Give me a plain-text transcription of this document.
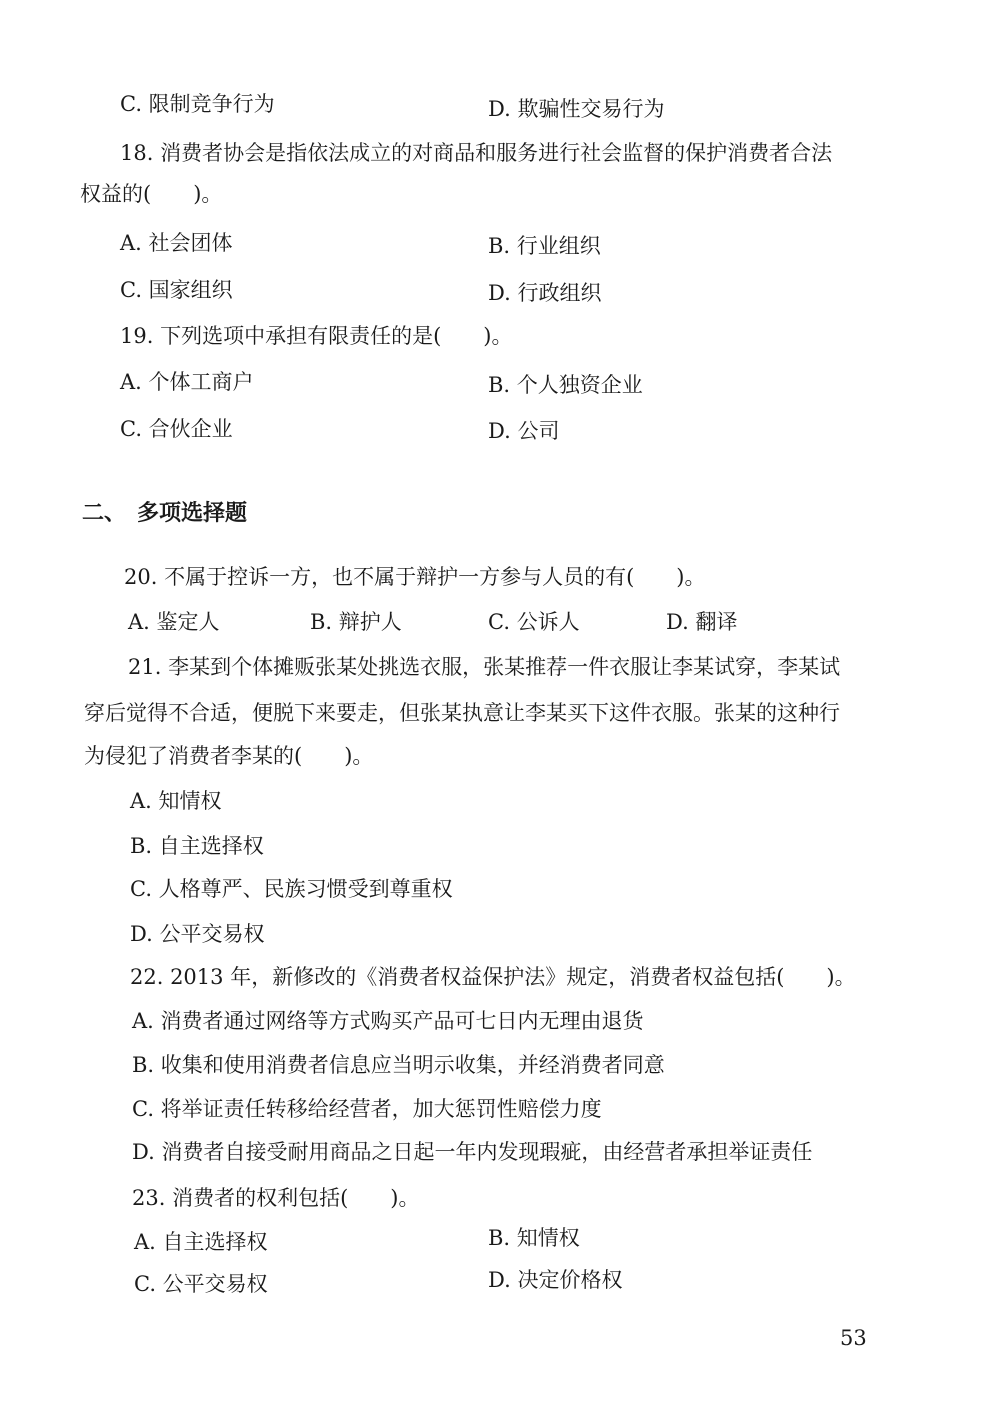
C. 限制竞争行为	D. 欺骗性交易行为
18. 消费者协会是指依法成立的对商品和服务进行社会监督的保护消费者合法
权益的(　　)。
A. 社会团体	B. 行业组织
C. 国家组织	D. 行政组织
19. 下列选项中承担有限责任的是(　　)。
A. 个体工商户	B. 个人独资企业
C. 合伙企业	D. 公司
二、　多项选择题
20. 不属于控诉一方，也不属于辩护一方参与人员的有(　　)。
A. 鉴定人	B. 辩护人	C. 公诉人	D. 翻译
21. 李某到个体摊贩张某处挑选衣服，张某推荐一件衣服让李某试穿，李某试
穿后觉得不合适，便脱下来要走，但张某执意让李某买下这件衣服。张某的这种行
为侵犯了消费者李某的(　　)。
A. 知情权
B. 自主选择权
C. 人格尊严、民族习惯受到尊重权
D. 公平交易权
22. 2013 年，新修改的《消费者权益保护法》规定，消费者权益包括(　　)。
A. 消费者通过网络等方式购买产品可七日内无理由退货
B. 收集和使用消费者信息应当明示收集，并经消费者同意
C. 将举证责任转移给经营者，加大惩罚性赔偿力度
D. 消费者自接受耐用商品之日起一年内发现瑕疵，由经营者承担举证责任
23. 消费者的权利包括(　　)。
A. 自主选择权	B. 知情权
C. 公平交易权	D. 决定价格权
53
